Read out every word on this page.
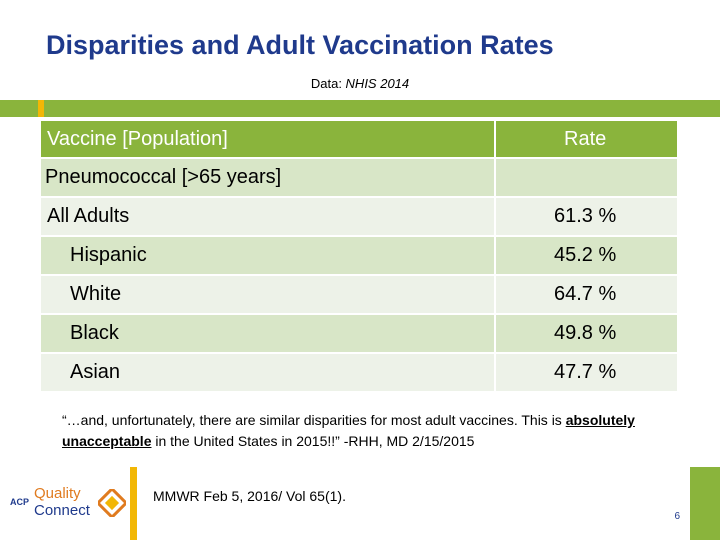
Disparities and Adult Vaccination Rates
Data: NHIS 2014
Vaccine [Population]	Rate
Pneumococcal [>65 years]	
All Adults	61.3 %
Hispanic	45.2 %
White	64.7 %
Black	49.8 %
Asian	47.7 %
“…and, unfortunately, there are similar disparities for most adult vaccines. This is absolutely unacceptable in the United States in 2015!!” -RHH, MD 2/15/2015
ACP Quality
Connect
MMWR Feb 5, 2016/ Vol 65(1).
6
